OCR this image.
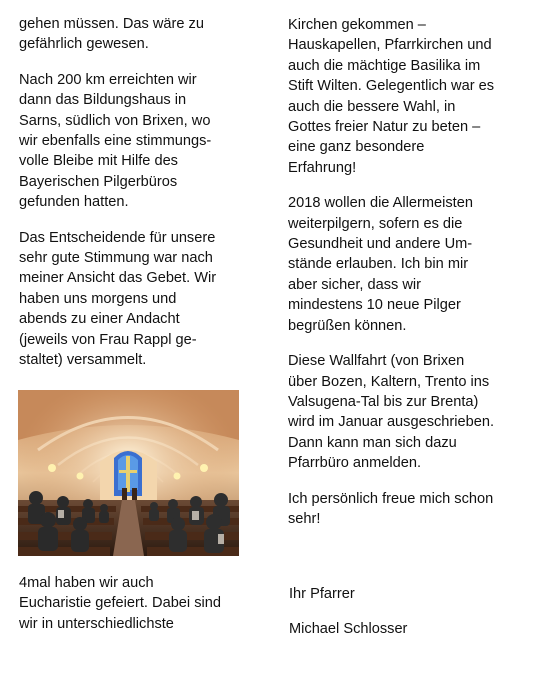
gehen müssen. Das wäre zu
gefährlich gewesen.

Nach 200 km erreichten wir
dann das Bildungshaus in
Sarns, südlich von Brixen, wo
wir ebenfalls eine stimmungs-
volle Bleibe mit Hilfe des
Bayerischen Pilgerbüros
gefunden hatten.

Das Entscheidende für unsere
sehr gute Stimmung war nach
meiner Ansicht das Gebet. Wir
haben uns morgens und
abends zu einer Andacht
(jeweils von Frau Rappl ge-
staltet) versammelt.

4mal haben wir auch
Eucharistie gefeiert. Dabei sind
wir in unterschiedlichste

Kirchen gekommen –
Hauskapellen, Pfarrkirchen und
auch die mächtige Basilika im
Stift Wilten. Gelegentlich war es
auch die bessere Wahl, in
Gottes freier Natur zu beten –
eine ganz besondere
Erfahrung!

2018 wollen die Allermeisten
weiterpilgern, sofern es die
Gesundheit und andere Um-
stände erlauben. Ich bin mir
aber sicher, dass wir
mindestens 10 neue Pilger
begrüßen können.

Diese Wallfahrt (von Brixen
über Bozen, Kaltern, Trento ins
Valsugena-Tal bis zur Brenta)
wird im Januar ausgeschrieben.
Dann kann man sich dazu
Pfarrbüro anmelden.

Ich persönlich freue mich schon
sehr!

Ihr Pfarrer
Michael Schlosser
